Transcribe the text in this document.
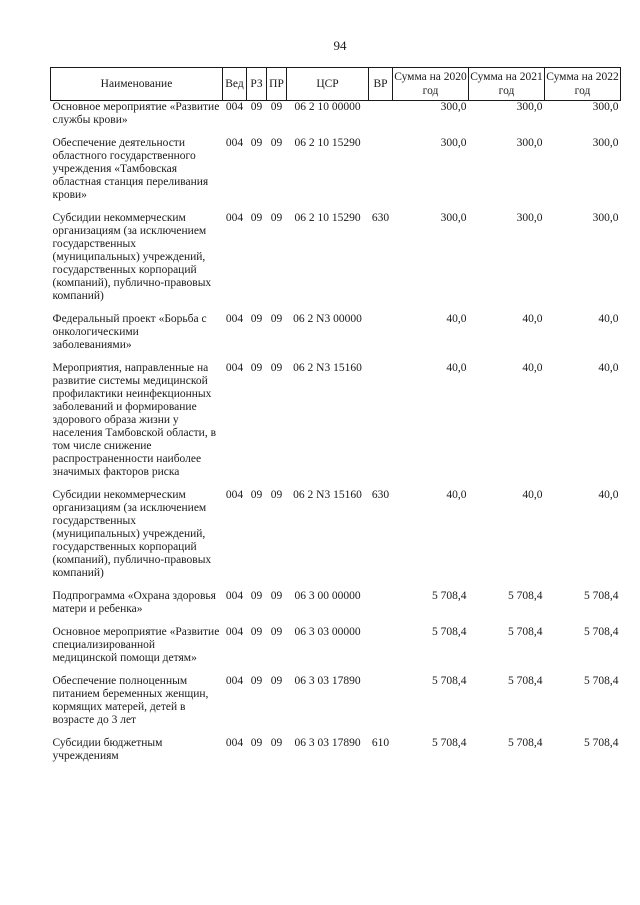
94
Наименование	Вед	РЗ	ПР	ЦСР	ВР	Сумма на 2020 год	Сумма на 2021 год	Сумма на 2022 год
Основное мероприятие «Развитие службы крови»	004	09	09	06 2 10 00000		300,0	300,0	300,0
Обеспечение деятельности областного государственного учреждения «Тамбовская областная станция переливания крови»	004	09	09	06 2 10 15290		300,0	300,0	300,0
Субсидии некоммерческим организациям (за исключением государственных (муниципальных) учреждений, государственных корпораций (компаний), публично-правовых компаний)	004	09	09	06 2 10 15290	630	300,0	300,0	300,0
Федеральный проект «Борьба с онкологическими заболеваниями»	004	09	09	06 2 N3 00000		40,0	40,0	40,0
Мероприятия, направленные на развитие системы медицинской профилактики неинфекционных заболеваний и формирование здорового образа жизни у населения Тамбовской области, в том числе снижение распространенности наиболее значимых факторов риска	004	09	09	06 2 N3 15160		40,0	40,0	40,0
Субсидии некоммерческим организациям (за исключением государственных (муниципальных) учреждений, государственных корпораций (компаний), публично-правовых компаний)	004	09	09	06 2 N3 15160	630	40,0	40,0	40,0
Подпрограмма «Охрана здоровья матери и ребенка»	004	09	09	06 3 00 00000		5 708,4	5 708,4	5 708,4
Основное мероприятие «Развитие специализированной медицинской помощи детям»	004	09	09	06 3 03 00000		5 708,4	5 708,4	5 708,4
Обеспечение полноценным питанием беременных женщин, кормящих матерей, детей в возрасте до 3 лет	004	09	09	06 3 03 17890		5 708,4	5 708,4	5 708,4
Субсидии бюджетным учреждениям	004	09	09	06 3 03 17890	610	5 708,4	5 708,4	5 708,4
